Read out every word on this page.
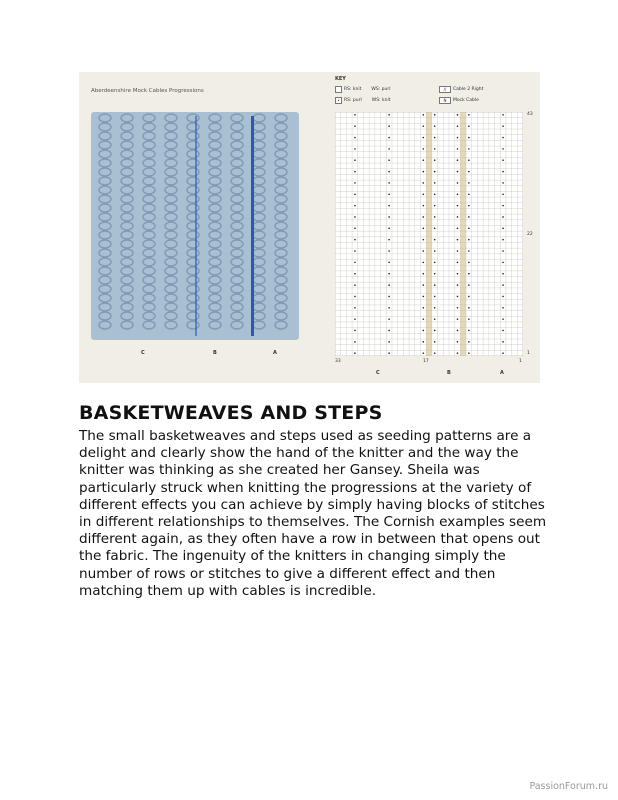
Aberdeenshire Mock Cables Progressions
C	B	A
KEY
RS: knit WS: purl
• RS: purl WS: knit
//	Cable 2 Right
N	Mock Cable
43
22
1
33	17	1
C	B	A
BASKETWEAVES AND STEPS

The small basketweaves and steps used as seeding patterns are a delight and clearly show the hand of the knitter and the way the knitter was thinking as she created her Gansey. Sheila was particularly struck when knitting the progressions at the variety of different effects you can achieve by simply having blocks of stitches in different relationships to themselves. The Cornish examples seem different again, as they often have a row in between that opens out the fabric. The ingenuity of the knitters in changing simply the number of rows or stitches to give a different effect and then matching them up with cables is incredible.

PassionForum.ru
